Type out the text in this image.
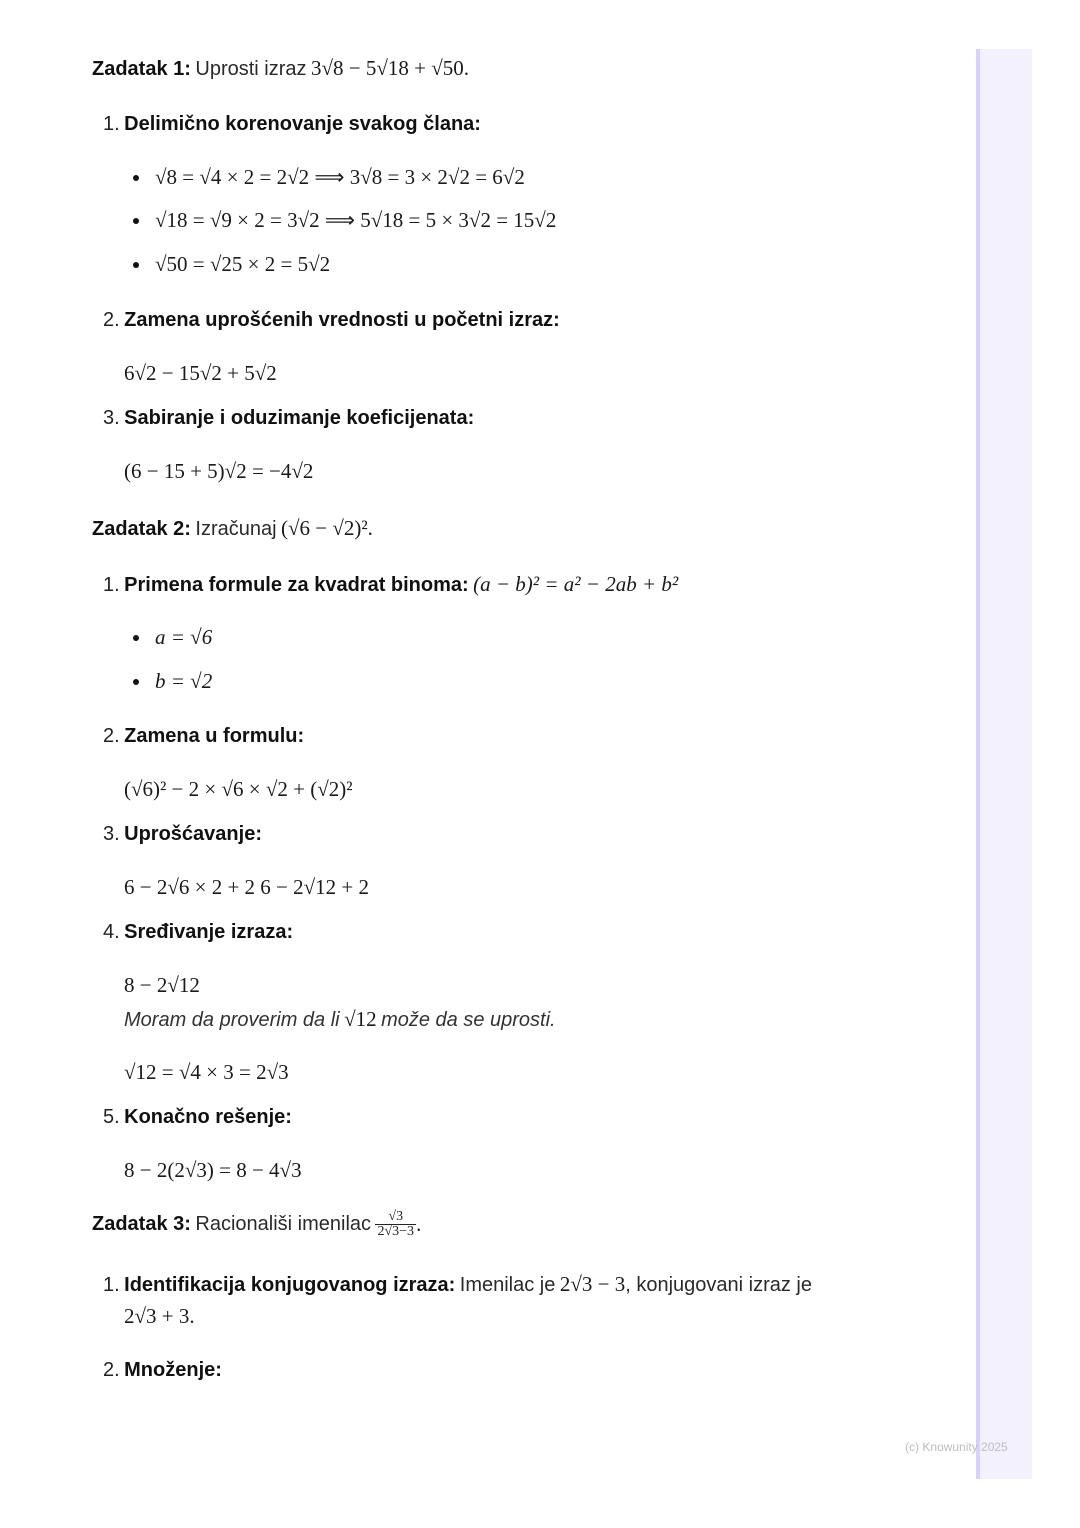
Zadatak 1: Uprosti izraz 3√8 − 5√18 + √50.
1. Delimično korenovanje svakog člana:
√8 = √4 × 2 = 2√2 ⟹ 3√8 = 3 × 2√2 = 6√2
√18 = √9 × 2 = 3√2 ⟹ 5√18 = 5 × 3√2 = 15√2
√50 = √25 × 2 = 5√2
2. Zamena uprošćenih vrednosti u početni izraz:
6√2 − 15√2 + 5√2
3. Sabiranje i oduzimanje koeficijenata:
(6 − 15 + 5)√2 = −4√2
Zadatak 2: Izračunaj (√6 − √2)².
1. Primena formule za kvadrat binoma: (a − b)² = a² − 2ab + b²
a = √6
b = √2
2. Zamena u formulu:
(√6)² − 2 × √6 × √2 + (√2)²
3. Uprošćavanje:
6 − 2√6 × 2 + 2 6 − 2√12 + 2
4. Sređivanje izraza:
8 − 2√12
Moram da proverim da li √12 može da se uprosti.
√12 = √4 × 3 = 2√3
5. Konačno rešenje:
8 − 2(2√3) = 8 − 4√3
Zadatak 3: Racionališi imenilac $\frac{√3}{2√3-3}$ .
1. Identifikacija konjugovanog izraza: Imenilac je 2√3 − 3, konjugovani izraz je
2√3 + 3.
2. Množenje:
(c) Knowunity 2025
